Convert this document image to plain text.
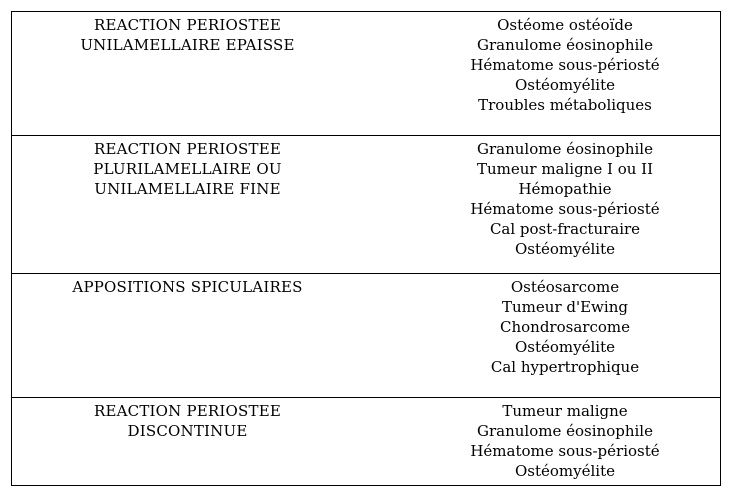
REACTION PERIOSTEE
UNILAMELLAIRE EPAISSE
Ostéome ostéoïde
Granulome éosinophile
Hématome sous-périosté
Ostéomyélite
Troubles métaboliques
REACTION PERIOSTEE
PLURILAMELLAIRE OU
UNILAMELLAIRE FINE
Granulome éosinophile
Tumeur maligne I ou II
Hémopathie
Hématome sous-périosté
Cal post-fracturaire
Ostéomyélite
APPOSITIONS SPICULAIRES	Ostéosarcome
Tumeur d'Ewing
Chondrosarcome
Ostéomyélite
Cal hypertrophique
REACTION PERIOSTEE
DISCONTINUE
Tumeur maligne
Granulome éosinophile
Hématome sous-périosté
Ostéomyélite
